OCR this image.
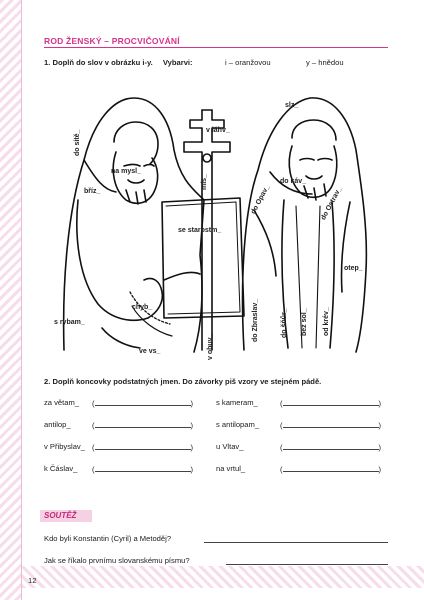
ROD ŽENSKÝ – PROCVIČOVÁNÍ
1. Doplň do slov v obrázku i-y. Vybarvi:	i – oranžovou	y – hnědou
do sítě_
na mysl_
bříz_
v láhv_
slz_
s rybam_
chyb_
ve vs_
se starostm_
v obuv_
mís_	do káv_
do Opav_	do Ostrav_
do Zbraslav_	do šňůr_ bez sol_ od krév_
otep_
2. Doplň koncovky podstatných jmen. Do závorky piš vzory ve stejném pádě.
za větam_ (	)	s kameram_	(	)
antilop_	(	)	s antilopam_	(	)
v Přibyslav_ (	)	u Vltav_	(	)
k Čáslav_ (	)	na vrtul_	(	)
SOUTĚŽ
Kdo byli Konstantin (Cyril) a Metoděj?
Jak se říkalo prvnímu slovanskému písmu?
12
